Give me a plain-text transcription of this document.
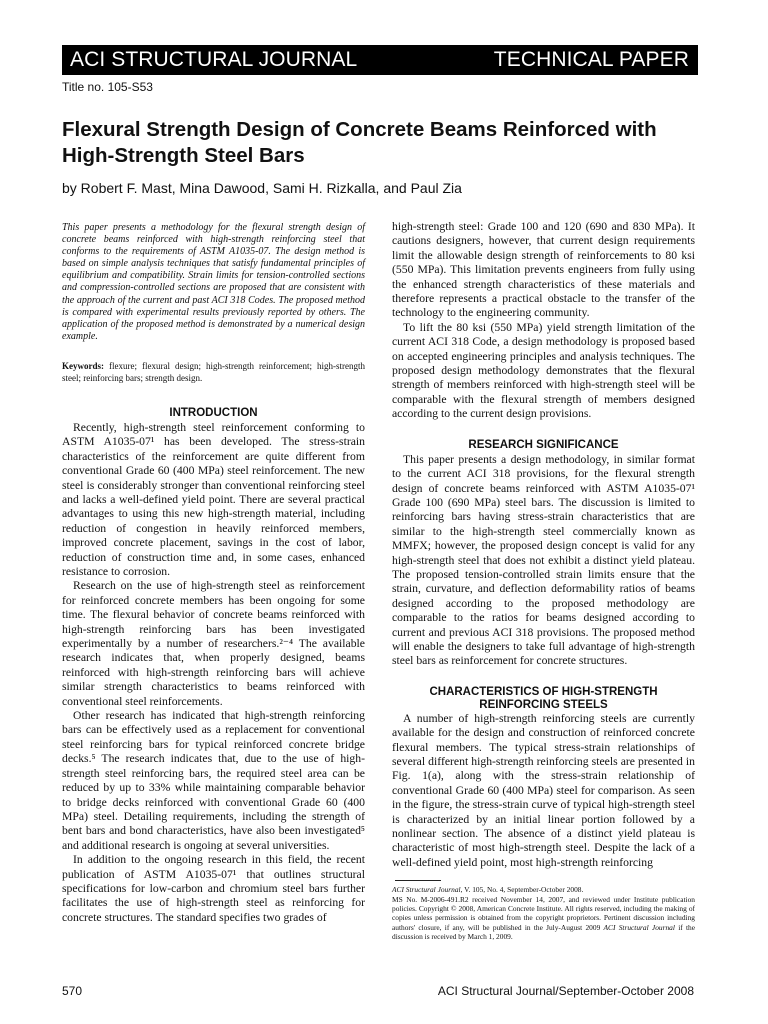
ACI STRUCTURAL JOURNAL	TECHNICAL PAPER
Title no. 105-S53
Flexural Strength Design of Concrete Beams Reinforced with High-Strength Steel Bars
by Robert F. Mast, Mina Dawood, Sami H. Rizkalla, and Paul Zia

This paper presents a methodology for the flexural strength design of concrete beams reinforced with high-strength reinforcing steel that conforms to the requirements of ASTM A1035-07. The design method is based on simple analysis techniques that satisfy fundamental principles of equilibrium and compatibility. Strain limits for tension-controlled sections and compression-controlled sections are proposed that are consistent with the approach of the current and past ACI 318 Codes. The proposed method is compared with experimental results previously reported by others. The application of the proposed method is demonstrated by a numerical design example.

Keywords: flexure; flexural design; high-strength reinforcement; high-strength steel; reinforcing bars; strength design.

INTRODUCTION

Recently, high-strength steel reinforcement conforming to ASTM A1035-07¹ has been developed. The stress-strain characteristics of the reinforcement are quite different from conventional Grade 60 (400 MPa) steel reinforcement. The new steel is considerably stronger than conventional reinforcing steel and lacks a well-defined yield point. There are several practical advantages to using this new high-strength material, including reduction of congestion in heavily reinforced members, improved concrete placement, savings in the cost of labor, reduction of construction time and, in some cases, enhanced resistance to corrosion.

Research on the use of high-strength steel as reinforcement for reinforced concrete members has been ongoing for some time. The flexural behavior of concrete beams reinforced with high-strength reinforcing bars has been investigated experimentally by a number of researchers.²⁻⁴ The available research indicates that, when properly designed, beams reinforced with high-strength reinforcing bars will achieve similar strength characteristics to beams reinforced with conventional steel reinforcements.

Other research has indicated that high-strength reinforcing bars can be effectively used as a replacement for conventional steel reinforcing bars for typical reinforced concrete bridge decks.⁵ The research indicates that, due to the use of high-strength steel reinforcing bars, the required steel area can be reduced by up to 33% while maintaining comparable behavior to bridge decks reinforced with conventional Grade 60 (400 MPa) steel. Detailing requirements, including the strength of bent bars and bond characteristics, have also been investigated⁵ and additional research is ongoing at several universities.

In addition to the ongoing research in this field, the recent publication of ASTM A1035-07¹ that outlines structural specifications for low-carbon and chromium steel bars further facilitates the use of high-strength steel as reinforcing for concrete structures. The standard specifies two grades of

high-strength steel: Grade 100 and 120 (690 and 830 MPa). It cautions designers, however, that current design requirements limit the allowable design strength of reinforcements to 80 ksi (550 MPa). This limitation prevents engineers from fully using the enhanced strength characteristics of these materials and therefore represents a practical obstacle to the transfer of the technology to the engineering community.

To lift the 80 ksi (550 MPa) yield strength limitation of the current ACI 318 Code, a design methodology is proposed based on accepted engineering principles and analysis techniques. The proposed design methodology demonstrates that the flexural strength of members reinforced with high-strength steel will be comparable with the flexural strength of members designed according to the current design provisions.

RESEARCH SIGNIFICANCE

This paper presents a design methodology, in similar format to the current ACI 318 provisions, for the flexural strength design of concrete beams reinforced with ASTM A1035-07¹ Grade 100 (690 MPa) steel bars. The discussion is limited to reinforcing bars having stress-strain characteristics that are similar to the high-strength steel commercially known as MMFX; however, the proposed design concept is valid for any high-strength steel that does not exhibit a distinct yield plateau. The proposed tension-controlled strain limits ensure that the strain, curvature, and deflection deformability ratios of beams designed according to the proposed methodology are comparable to the ratios for beams designed according to current and previous ACI 318 provisions. The proposed method will enable the designers to take full advantage of high-strength steel bars as reinforcement for concrete structures.

CHARACTERISTICS OF HIGH-STRENGTH
REINFORCING STEELS

A number of high-strength reinforcing steels are currently available for the design and construction of reinforced concrete flexural members. The typical stress-strain relationships of several different high-strength reinforcing steels are presented in Fig. 1(a), along with the stress-strain relationship of conventional Grade 60 (400 MPa) steel for comparison. As seen in the figure, the stress-strain curve of typical high-strength steel is characterized by an initial linear portion followed by a nonlinear section. The absence of a distinct yield plateau is characteristic of most high-strength steel. Despite the lack of a well-defined yield point, most high-strength reinforcing

ACI Structural Journal, V. 105, No. 4, September-October 2008.
MS No. M-2006-491.R2 received November 14, 2007, and reviewed under Institute publication policies. Copyright © 2008, American Concrete Institute. All rights reserved, including the making of copies unless permission is obtained from the copyright proprietors. Pertinent discussion including authors' closure, if any, will be published in the July-August 2009 ACI Structural Journal if the discussion is received by March 1, 2009.

570	ACI Structural Journal/September-October 2008
